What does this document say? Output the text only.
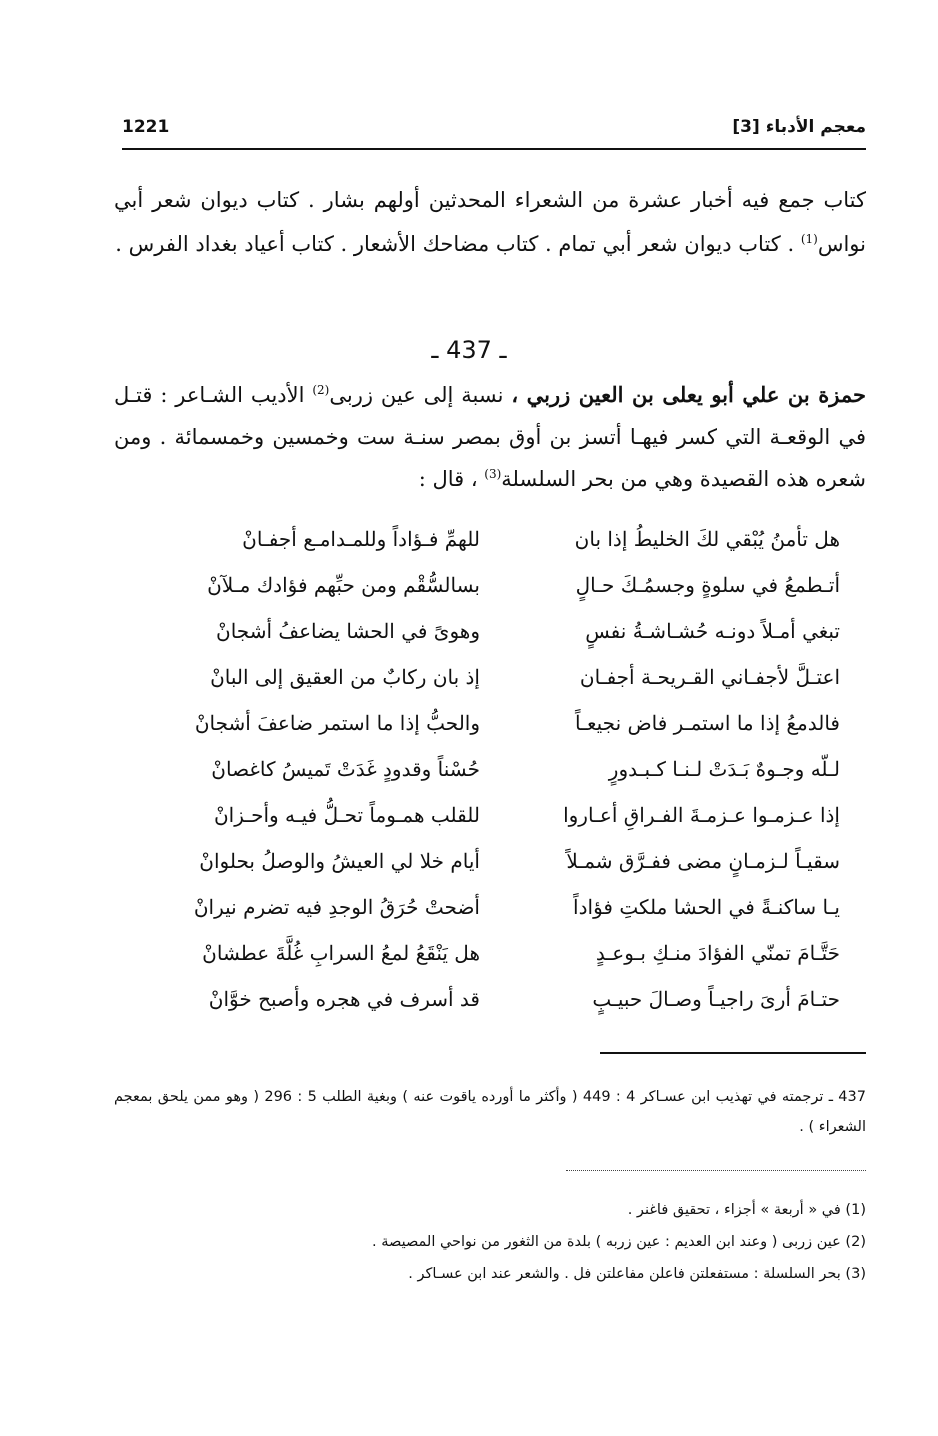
معجم الأدباء [3]
1221
كتاب جمع فيه أخبار عشرة من الشعراء المحدثين أولهم بشار . كتاب ديوان شعر أبي نواس$^{(1)}$ . كتاب ديوان شعر أبي تمام . كتاب مضاحك الأشعار . كتاب أعياد بغداد الفرس .
ـ 437 ـ
حمزة بن علي أبو يعلى بن العين زربي ، نسبة إلى عين زربى$^{(2)}$ الأديب الشـاعر : قتـل في الوقعـة التي كسر فيهـا أتسز بن أوق بمصر سنـة ست وخمسين وخمسمائة . ومن شعره هذه القصيدة وهي من بحر السلسلة$^{(3)}$ ، قال :
هل تأمنُ يُبْقي لكَ الخليطُ إذا بان
للهمِّ فـؤاداً وللمـدامـع أجفـانْ
أتـطمعُ في سلوةٍ وجسمُـكَ حـالٍ
بسالسُّقْم ومن حبِّهم فؤادك مـلآنْ
تبغي أمـلاً دونـه حُشـاشـةُ نفسٍ
وهوىً في الحشا يضاعفُ أشجانْ
اعتـلَّ لأجفـاني القـريحـة أجفـان
إذ بان ركابٌ من العقيق إلى البانْ
فالدمعُ إذا ما استمـر فاض نجيعـاً
والحبُّ إذا ما استمر ضاعفَ أشجانْ
لـلّه وجـوهٌ بَـدَتْ لـنـا كـبـدورٍ
حُسْناً وقدودٍ غَدَتْ تَميسُ كاغصانْ
إذا عـزمـوا عـزمـةَ الفـراقِ أعـاروا
للقلب همـوماً تحـلُّ فيـه وأحـزانْ
سقيـاً لـزمـانٍ مضى ففـرَّق شمـلاً
أيام خلا لي العيشُ والوصلُ بحلوانْ
يـا ساكنـةً في الحشا ملكتِ فؤاداً
أضحتْ حُرَقُ الوجدِ فيه تضرم نيرانْ
حَتَّـامَ تمنّي الفؤادَ منـكِ بـوعـدٍ
هل يَنْقَعُ لمعُ السرابِ غُلَّةَ عطشانْ
حتـامَ أرىَ راجيـاً وصـالَ حبيـبٍ
قد أسرف في هجره وأصبح خوَّانْ
437 ـ ترجمته في تهذيب ابن عسـاكر 4 : 449 ( وأكثر ما أورده ياقوت عنه ) وبغية الطلب 5 : 296 ( وهو ممن يلحق بمعجم الشعراء ) .
(1) في « أربعة » أجزاء ، تحقيق فاغنر .
(2) عين زربى ( وعند ابن العديم : عين زربه ) بلدة من الثغور من نواحي المصيصة .
(3) بحر السلسلة : مستفعلتن فاعلن مفاعلتن فل . والشعر عند ابن عسـاكر .
